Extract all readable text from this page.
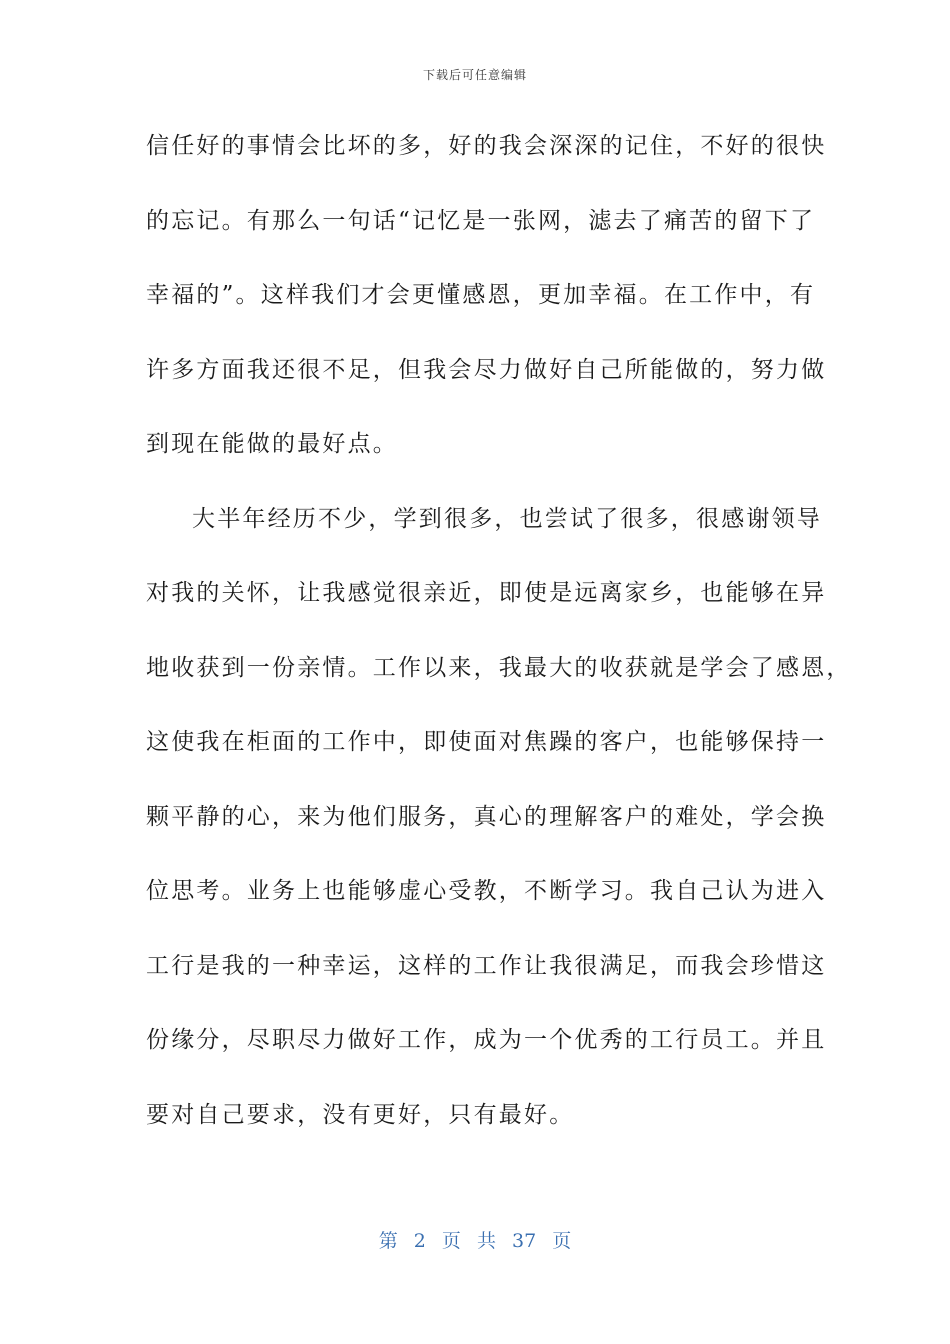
下载后可任意编辑
信任好的事情会比坏的多，好的我会深深的记住，不好的很快
的忘记。有那么一句话“记忆是一张网，滤去了痛苦的留下了
幸福的”。这样我们才会更懂感恩，更加幸福。在工作中，有
许多方面我还很不足，但我会尽力做好自己所能做的，努力做
到现在能做的最好点。
大半年经历不少，学到很多，也尝试了很多，很感谢领导
对我的关怀，让我感觉很亲近，即使是远离家乡，也能够在异
地收获到一份亲情。工作以来，我最大的收获就是学会了感恩，
这使我在柜面的工作中，即使面对焦躁的客户，也能够保持一
颗平静的心，来为他们服务，真心的理解客户的难处，学会换
位思考。业务上也能够虚心受教，不断学习。我自己认为进入
工行是我的一种幸运，这样的工作让我很满足，而我会珍惜这
份缘分，尽职尽力做好工作，成为一个优秀的工行员工。并且
要对自己要求，没有更好，只有最好。
第 2 页 共 37 页
